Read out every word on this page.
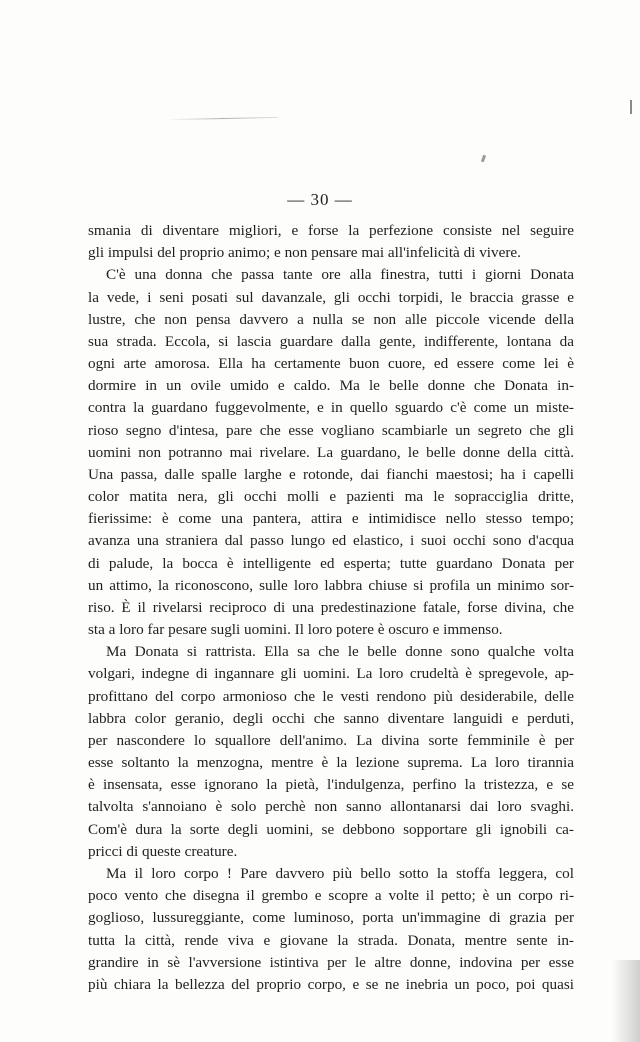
— 30 —

smania di diventare migliori, e forse la perfezione consiste nel seguire
gli impulsi del proprio animo; e non pensare mai all'infelicità di vivere.
C'è una donna che passa tante ore alla finestra, tutti i giorni Donata
la vede, i seni posati sul davanzale, gli occhi torpidi, le braccia grasse e
lustre, che non pensa davvero a nulla se non alle piccole vicende della
sua strada. Eccola, si lascia guardare dalla gente, indifferente, lontana da
ogni arte amorosa. Ella ha certamente buon cuore, ed essere come lei è
dormire in un ovile umido e caldo. Ma le belle donne che Donata in-
contra la guardano fuggevolmente, e in quello sguardo c'è come un miste-
rioso segno d'intesa, pare che esse vogliano scambiarle un segreto che gli
uomini non potranno mai rivelare. La guardano, le belle donne della città.
Una passa, dalle spalle larghe e rotonde, dai fianchi maestosi; ha i capelli
color matita nera, gli occhi molli e pazienti ma le sopracciglia dritte,
fierissime: è come una pantera, attira e intimidisce nello stesso tempo;
avanza una straniera dal passo lungo ed elastico, i suoi occhi sono d'acqua
di palude, la bocca è intelligente ed esperta; tutte guardano Donata per
un attimo, la riconoscono, sulle loro labbra chiuse si profila un minimo sor-
riso. È il rivelarsi reciproco di una predestinazione fatale, forse divina, che
sta a loro far pesare sugli uomini. Il loro potere è oscuro e immenso.
Ma Donata si rattrista. Ella sa che le belle donne sono qualche volta
volgari, indegne di ingannare gli uomini. La loro crudeltà è spregevole, ap-
profittano del corpo armonioso che le vesti rendono più desiderabile, delle
labbra color geranio, degli occhi che sanno diventare languidi e perduti,
per nascondere lo squallore dell'animo. La divina sorte femminile è per
esse soltanto la menzogna, mentre è la lezione suprema. La loro tirannia
è insensata, esse ignorano la pietà, l'indulgenza, perfino la tristezza, e se
talvolta s'annoiano è solo perchè non sanno allontanarsi dai loro svaghi.
Com'è dura la sorte degli uomini, se debbono sopportare gli ignobili ca-
pricci di queste creature.
Ma il loro corpo ! Pare davvero più bello sotto la stoffa leggera, col
poco vento che disegna il grembo e scopre a volte il petto; è un corpo ri-
goglioso, lussureggiante, come luminoso, porta un'immagine di grazia per
tutta la città, rende viva e giovane la strada. Donata, mentre sente in-
grandire in sè l'avversione istintiva per le altre donne, indovina per esse
più chiara la bellezza del proprio corpo, e se ne inebria un poco, poi quasi
